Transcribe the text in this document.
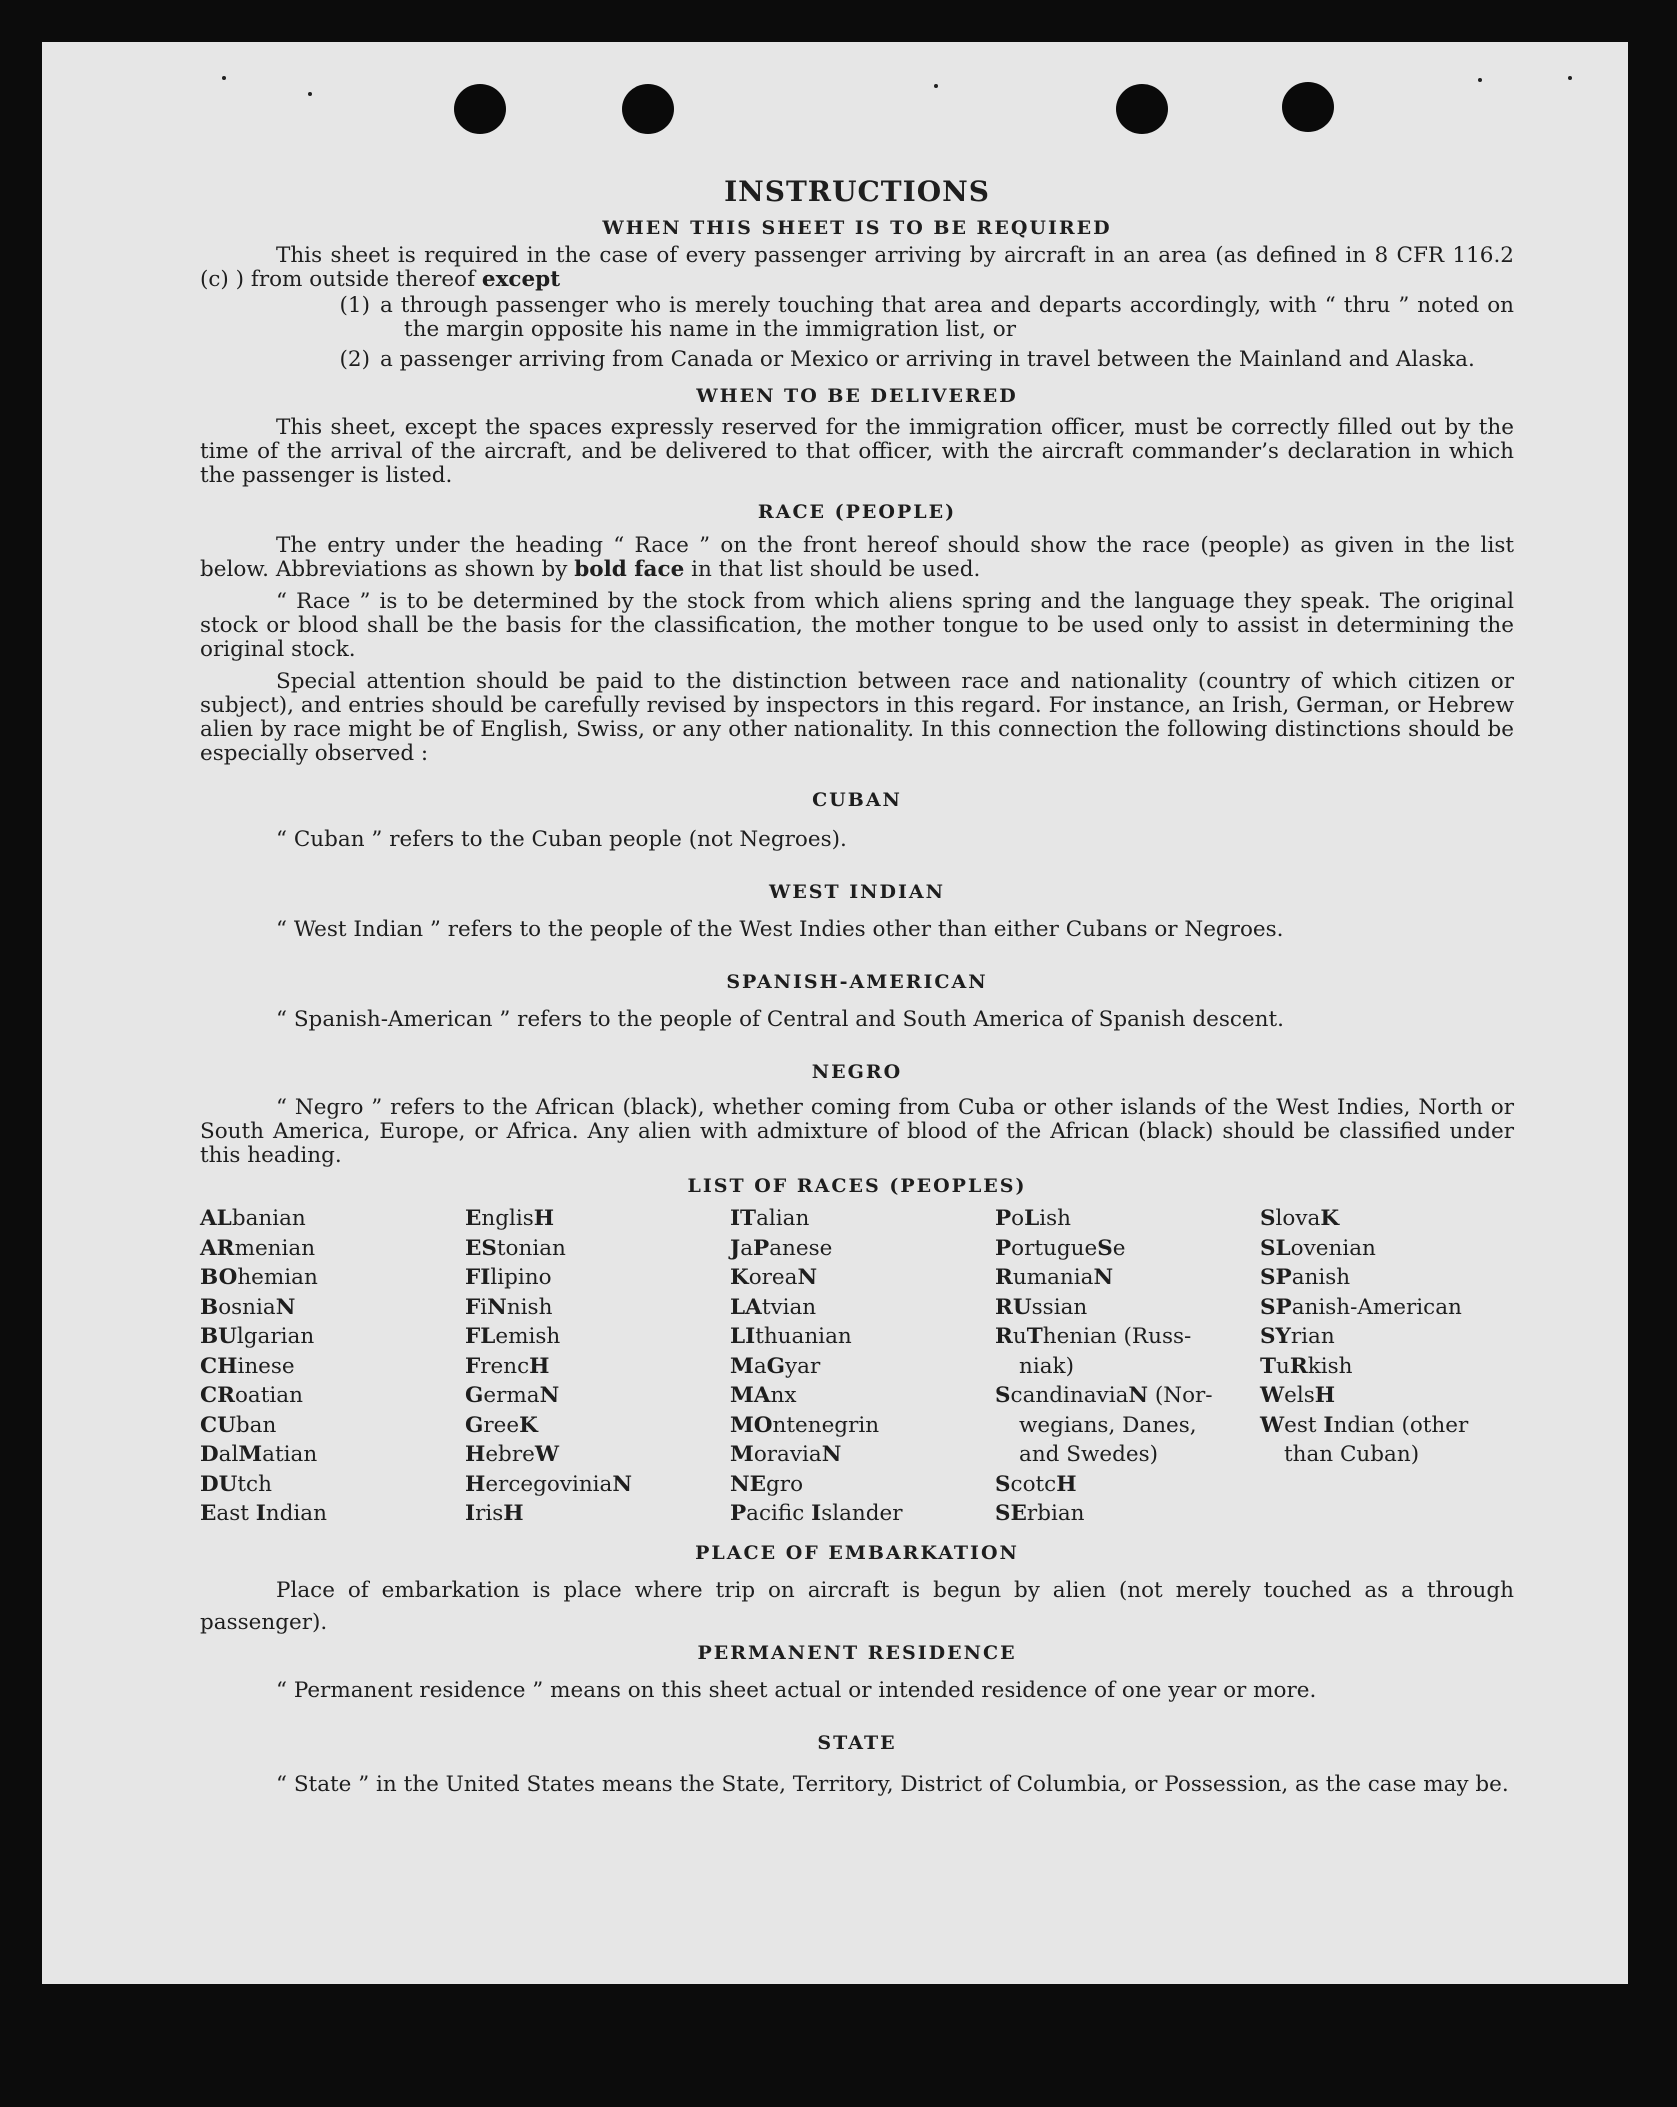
INSTRUCTIONS

WHEN THIS SHEET IS TO BE REQUIRED

This sheet is required in the case of every passenger arriving by aircraft in an area (as defined in 8 CFR 116.2 (c) ) from outside thereof except

(1) a through passenger who is merely touching that area and departs accordingly, with “ thru ” noted on the margin opposite his name in the immigration list, or
(2) a passenger arriving from Canada or Mexico or arriving in travel between the Mainland and Alaska.

WHEN TO BE DELIVERED

This sheet, except the spaces expressly reserved for the immigration officer, must be correctly filled out by the time of the arrival of the aircraft, and be delivered to that officer, with the aircraft commander’s declaration in which the passenger is listed.

RACE (PEOPLE)

The entry under the heading “ Race ” on the front hereof should show the race (people) as given in the list below. Abbreviations as shown by bold face in that list should be used.

“ Race ” is to be determined by the stock from which aliens spring and the language they speak. The original stock or blood shall be the basis for the classification, the mother tongue to be used only to assist in determining the original stock.

Special attention should be paid to the distinction between race and nationality (country of which citizen or subject), and entries should be carefully revised by inspectors in this regard. For instance, an Irish, German, or Hebrew alien by race might be of English, Swiss, or any other nationality. In this connection the following distinctions should be especially observed :

CUBAN

“ Cuban ” refers to the Cuban people (not Negroes).

WEST INDIAN

“ West Indian ” refers to the people of the West Indies other than either Cubans or Negroes.

SPANISH-AMERICAN

“ Spanish-American ” refers to the people of Central and South America of Spanish descent.

NEGRO

“ Negro ” refers to the African (black), whether coming from Cuba or other islands of the West Indies, North or South America, Europe, or Africa. Any alien with admixture of blood of the African (black) should be classified under this heading.

LIST OF RACES (PEOPLES)

ALbanian

ARmenian

BOhemian

BosniaN

BUlgarian

CHinese

CRoatian

CUban

DalMatian

DUtch

East Indian

EnglisH

EStonian

FIlipino

FiNnish

FLemish

FrencH

GermaN

GreeK

HebreW

HercegoviniaN

IrisH

ITalian

JaPanese

KoreaN

LAtvian

LIthuanian

MaGyar

MAnx

MOntenegrin

MoraviaN

NEgro

Pacific Islander

PoLish

PortugueSe

RumaniaN

RUssian

RuThenian (Russ-

niak)

ScandinaviaN (Nor-

wegians, Danes,

and Swedes)

ScotcH

SErbian

SlovaK

SLovenian

SPanish

SPanish-American

SYrian

TuRkish

WelsH

West Indian (other

than Cuban)

PLACE OF EMBARKATION

Place of embarkation is place where trip on aircraft is begun by alien (not merely touched as a through passenger).

PERMANENT RESIDENCE

“ Permanent residence ” means on this sheet actual or intended residence of one year or more.

STATE

“ State ” in the United States means the State, Territory, District of Columbia, or Possession, as the case may be.
